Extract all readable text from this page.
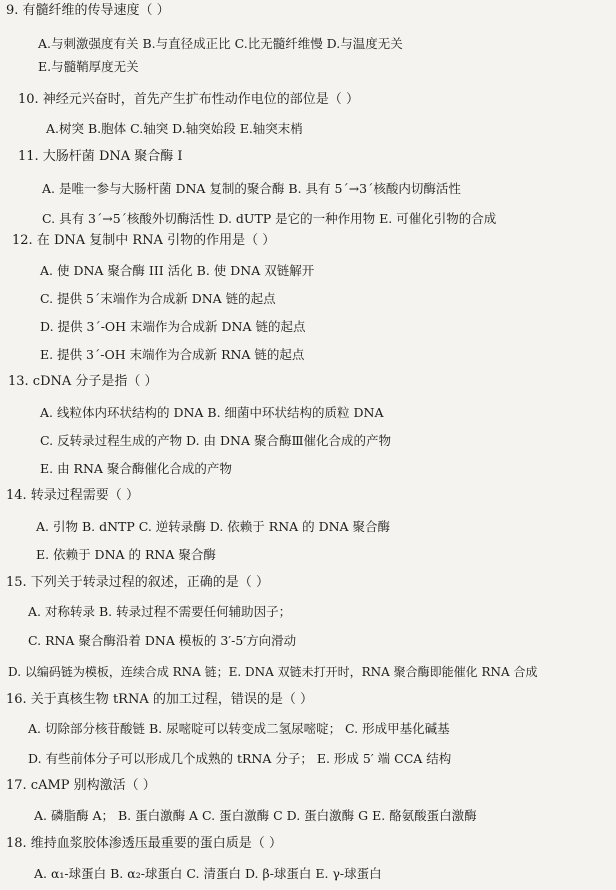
9. 有髓纤维的传导速度（ ）
A.与刺激强度有关 B.与直径成正比 C.比无髓纤维慢 D.与温度无关
E.与髓鞘厚度无关
10. 神经元兴奋时，首先产生扩布性动作电位的部位是（ ）
A.树突 B.胞体 C.轴突 D.轴突始段 E.轴突末梢
11. 大肠杆菌 DNA 聚合酶 I
A. 是唯一参与大肠杆菌 DNA 复制的聚合酶 B. 具有 5ˊ→3ˊ核酸内切酶活性
C. 具有 3ˊ→5ˊ核酸外切酶活性 D. dUTP 是它的一种作用物 E. 可催化引物的合成
12. 在 DNA 复制中 RNA 引物的作用是（ ）
A. 使 DNA 聚合酶 III 活化 B. 使 DNA 双链解开
C. 提供 5ˊ末端作为合成新 DNA 链的起点
D. 提供 3ˊ-OH 末端作为合成新 DNA 链的起点
E. 提供 3ˊ-OH 末端作为合成新 RNA 链的起点
13. cDNA 分子是指（ ）
A. 线粒体内环状结构的 DNA B. 细菌中环状结构的质粒 DNA
C. 反转录过程生成的产物 D. 由 DNA 聚合酶Ⅲ催化合成的产物
E. 由 RNA 聚合酶催化合成的产物
14. 转录过程需要（ ）
A. 引物 B. dNTP C. 逆转录酶 D. 依赖于 RNA 的 DNA 聚合酶
E. 依赖于 DNA 的 RNA 聚合酶
15. 下列关于转录过程的叙述，正确的是（ ）
A. 对称转录 B. 转录过程不需要任何辅助因子；
C. RNA 聚合酶沿着 DNA 模板的 3′-5′方向滑动
D. 以编码链为模板，连续合成 RNA 链；E. DNA 双链未打开时，RNA 聚合酶即能催化 RNA 合成
16. 关于真核生物 tRNA 的加工过程，错误的是（ ）
A. 切除部分核苷酸链 B. 尿嘧啶可以转变成二氢尿嘧啶； C. 形成甲基化碱基
D. 有些前体分子可以形成几个成熟的 tRNA 分子； E. 形成 5′ 端 CCA 结构
17. cAMP 别构激活（ ）
A. 磷脂酶 A； B. 蛋白激酶 A C. 蛋白激酶 C D. 蛋白激酶 G E. 酪氨酸蛋白激酶
18. 维持血浆胶体渗透压最重要的蛋白质是（ ）
A. α₁-球蛋白 B. α₂-球蛋白 C. 清蛋白 D. β-球蛋白 E. γ-球蛋白
